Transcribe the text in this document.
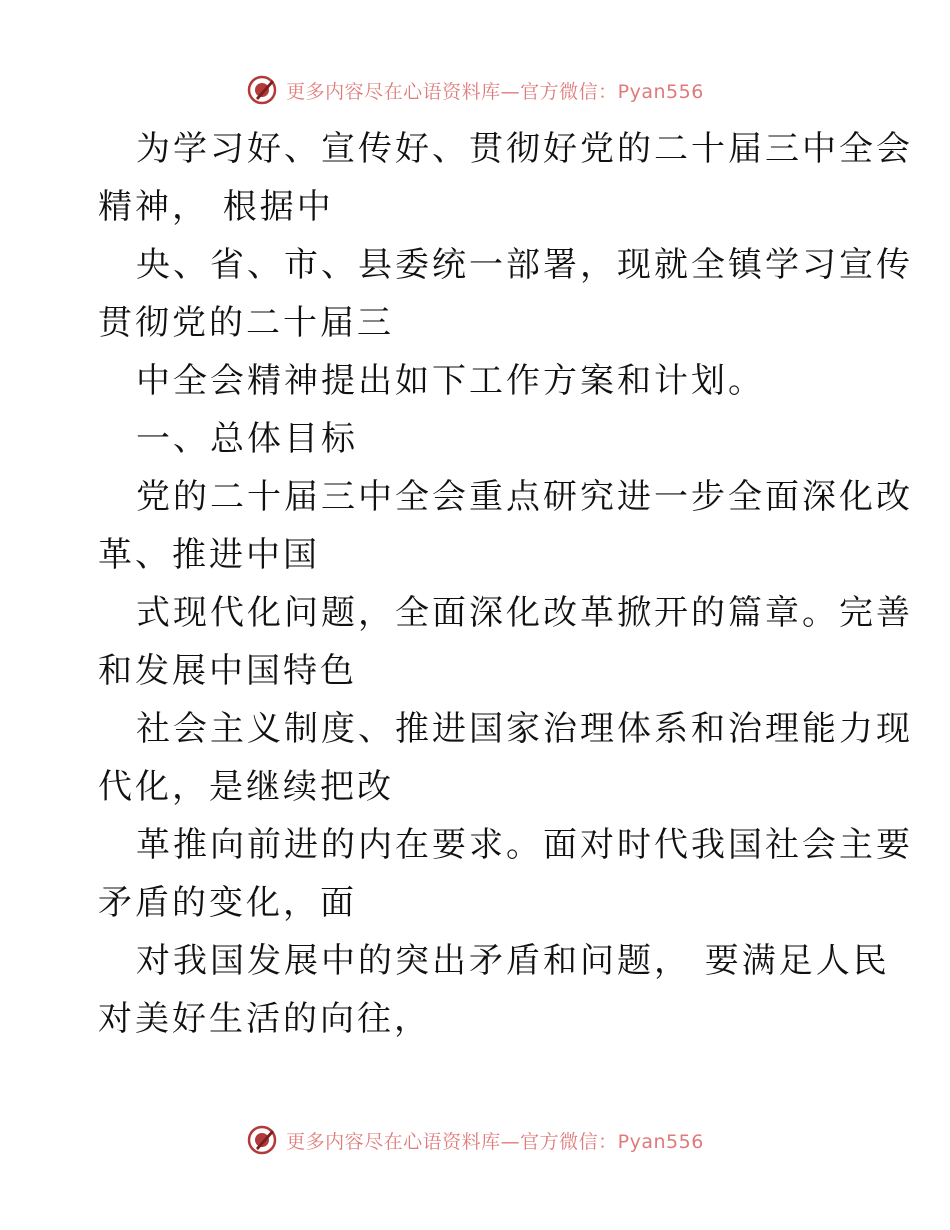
更多内容尽在心语资料库—官方微信：Pyan556
为学习好、宣传好、贯彻好党的二十届三中全会
精神， 根据中
央、省、市、县委统一部署，现就全镇学习宣传
贯彻党的二十届三
中全会精神提出如下工作方案和计划。
一、总体目标
党的二十届三中全会重点研究进一步全面深化改
革、推进中国
式现代化问题，全面深化改革掀开的篇章。完善
和发展中国特色
社会主义制度、推进国家治理体系和治理能力现
代化，是继续把改
革推向前进的内在要求。面对时代我国社会主要
矛盾的变化，面
对我国发展中的突出矛盾和问题， 要满足人民
对美好生活的向往，
更多内容尽在心语资料库—官方微信：Pyan556
